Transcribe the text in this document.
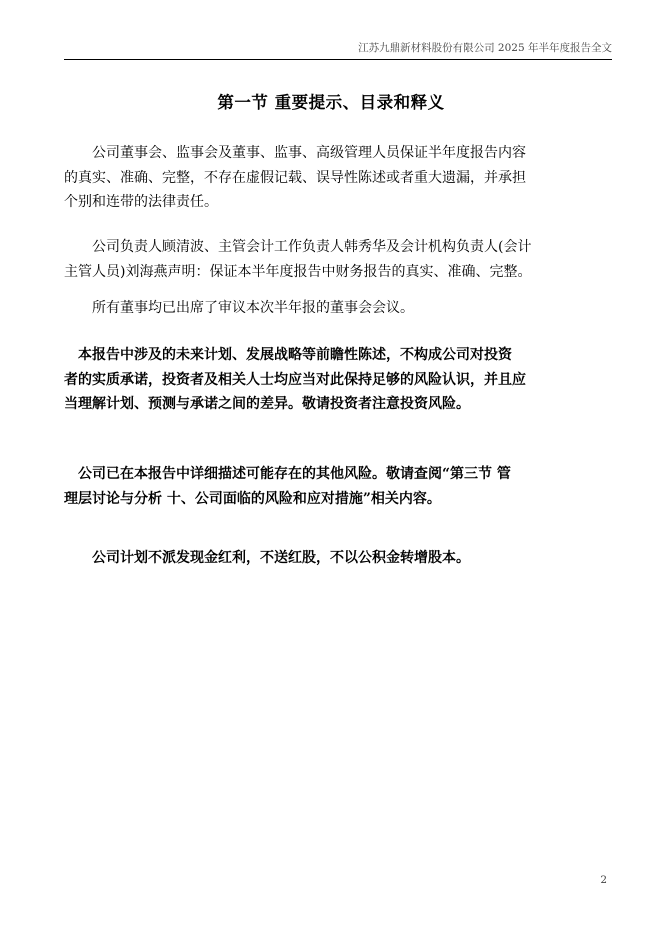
江苏九鼎新材料股份有限公司 2025 年半年度报告全文
第一节 重要提示、目录和释义
　　公司董事会、监事会及董事、监事、高级管理人员保证半年度报告内容
的真实、准确、完整，不存在虚假记载、误导性陈述或者重大遗漏，并承担
个别和连带的法律责任。
　　公司负责人顾清波、主管会计工作负责人韩秀华及会计机构负责人(会计
主管人员)刘海燕声明：保证本半年度报告中财务报告的真实、准确、完整。
　　所有董事均已出席了审议本次半年报的董事会会议。
　本报告中涉及的未来计划、发展战略等前瞻性陈述，不构成公司对投资
者的实质承诺，投资者及相关人士均应当对此保持足够的风险认识，并且应
当理解计划、预测与承诺之间的差异。敬请投资者注意投资风险。
　公司已在本报告中详细描述可能存在的其他风险。敬请查阅“第三节 管
理层讨论与分析 十、公司面临的风险和应对措施”相关内容。
　　公司计划不派发现金红利，不送红股，不以公积金转增股本。
2
